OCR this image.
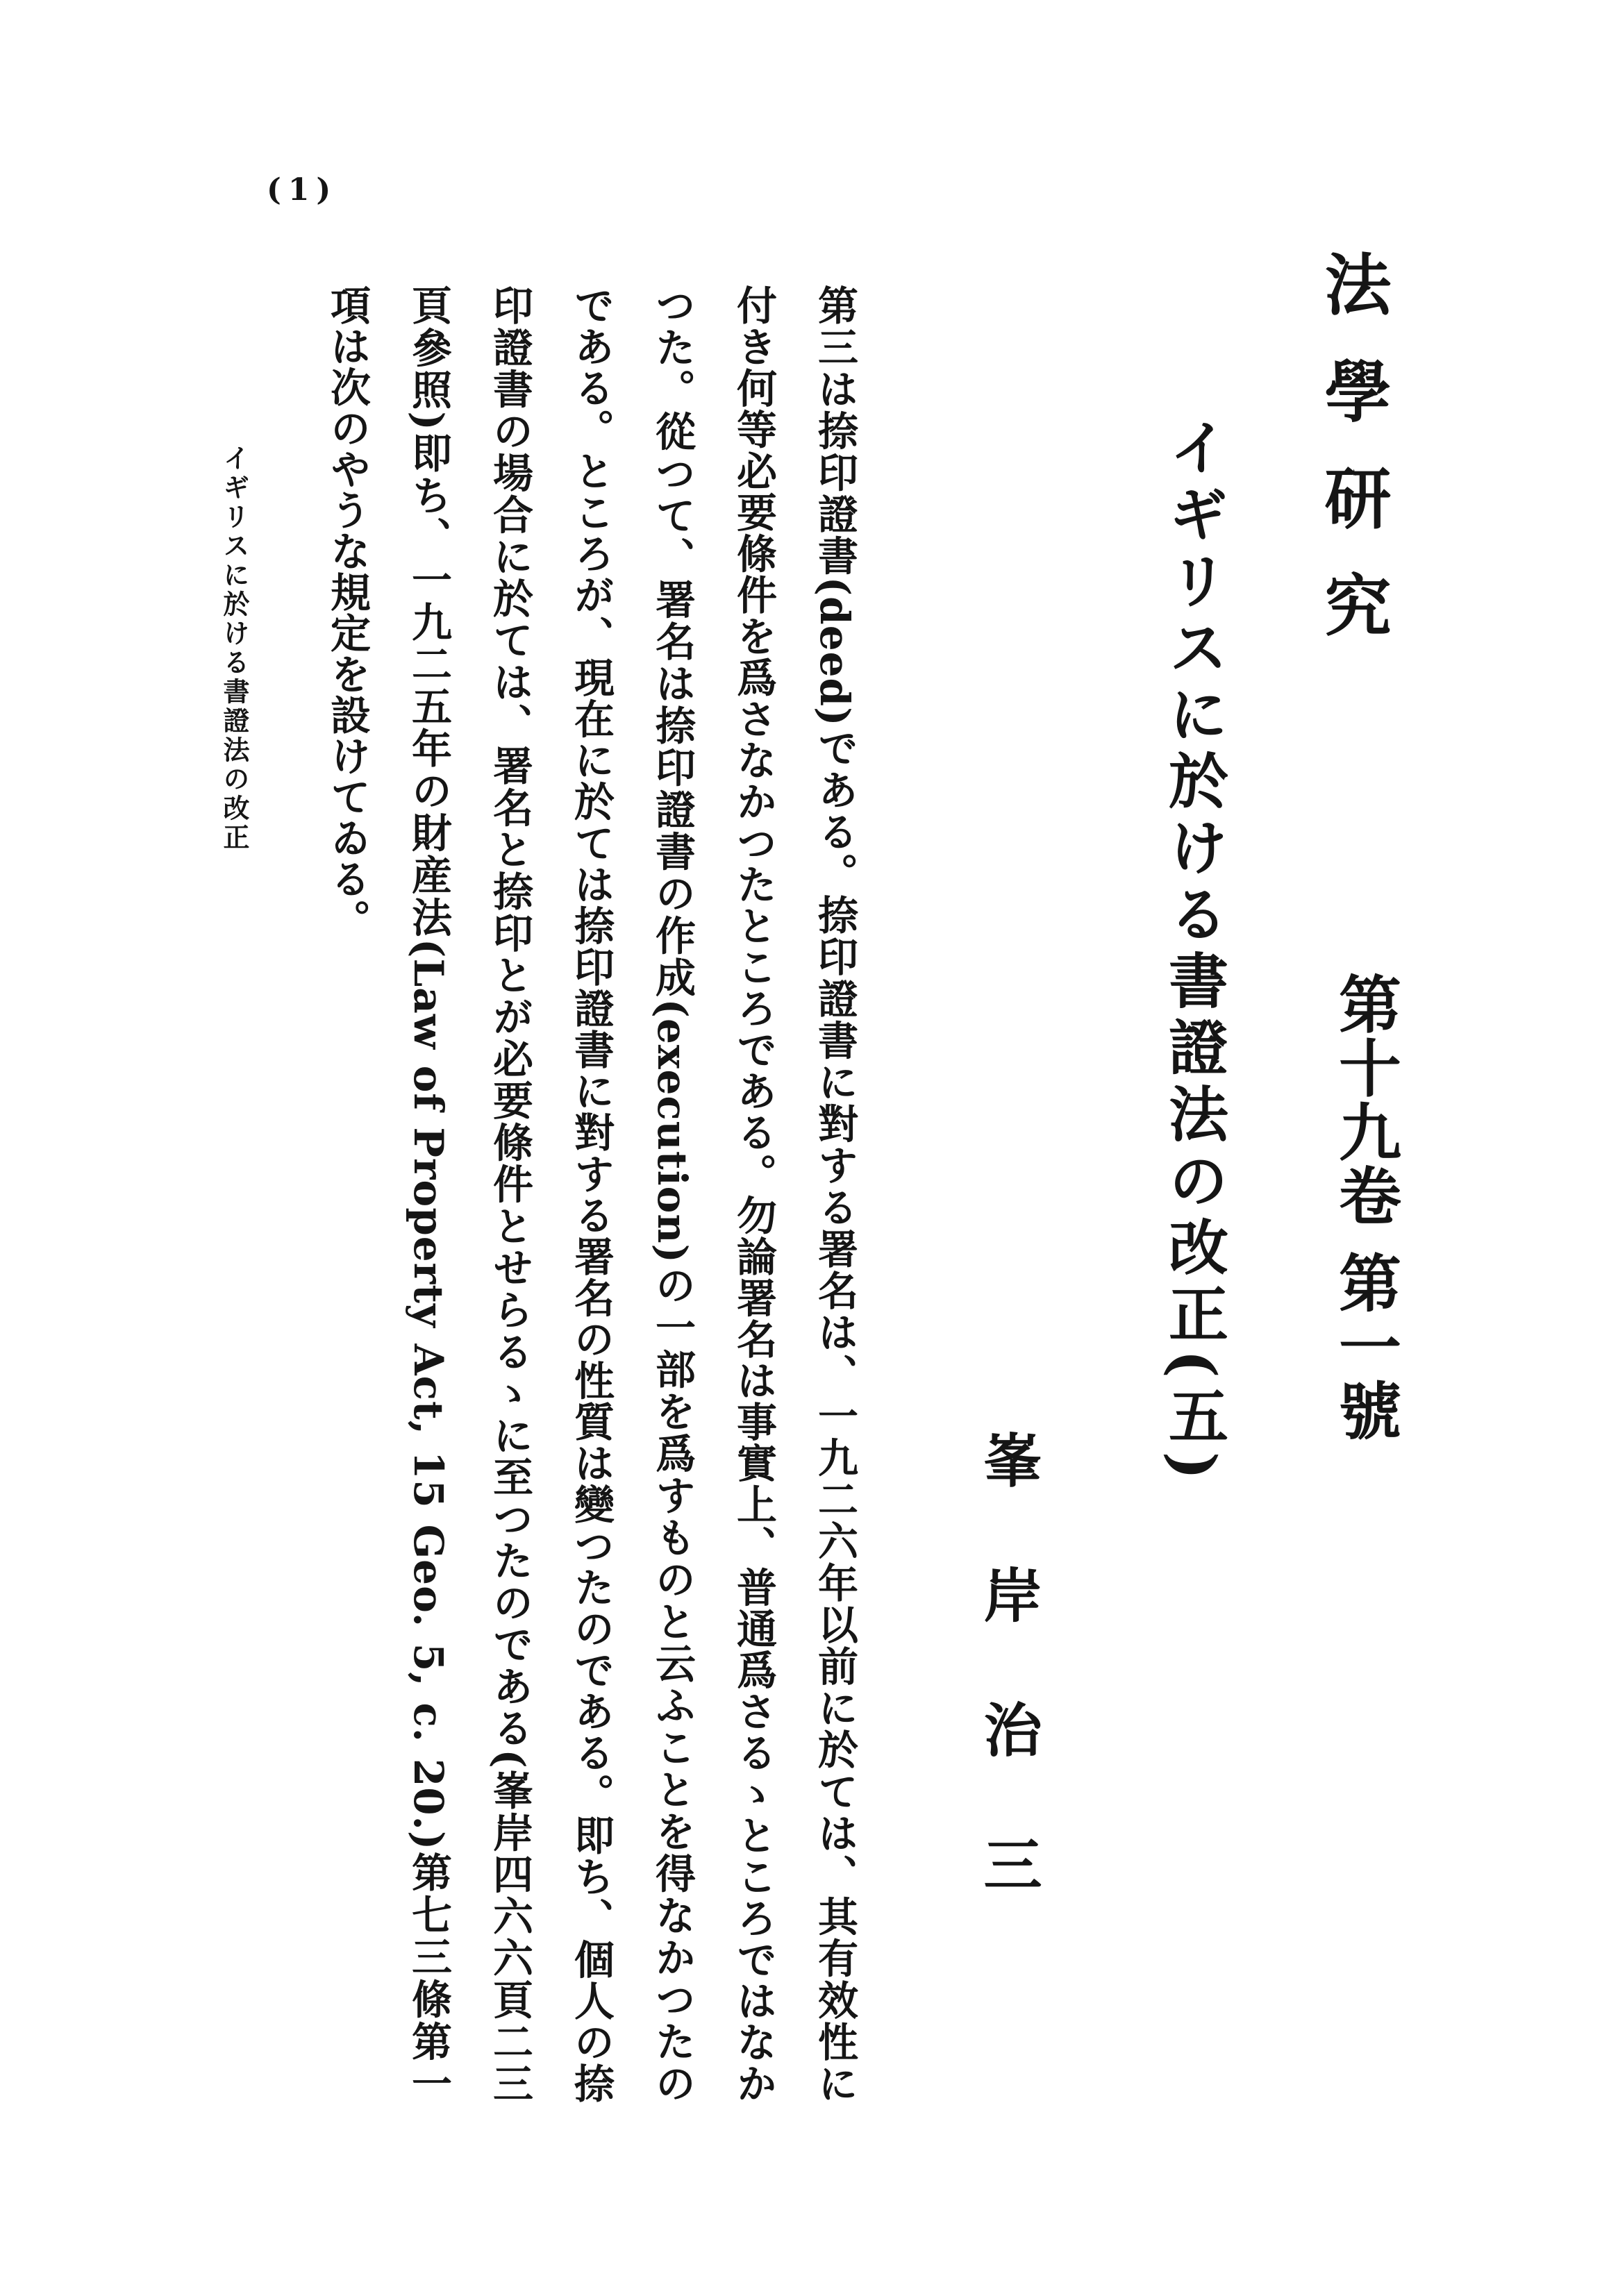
法學研究
第十九卷 第一號
イギリスに於ける書證法の改正(五)
峯岸治三

第三は捺印證書(deed)である。捺印證書に對する署名は、一九二六年以前に於ては、其有效性に付き何等必要條件を爲さなかつたところである。勿論署名は事實上、普通爲さるゝところではなかつた。從つて、署名は捺印證書の作成(execution)の一部を爲すものと云ふことを得なかつたのである。ところが、現在に於ては捺印證書に對する署名の性質は變つたのである。即ち、個人の捺印證書の場合に於ては、署名と捺印とが必要條件とせらるゝに至つたのである(峯岸四六六頁二三頁參照)即ち、一九二五年の財産法(Law of Property Act, 15 Geo. 5, c. 20.)第七三條第一項は次のやうな規定を設けてゐる。

(1)
イギリスに於ける書證法の改正
